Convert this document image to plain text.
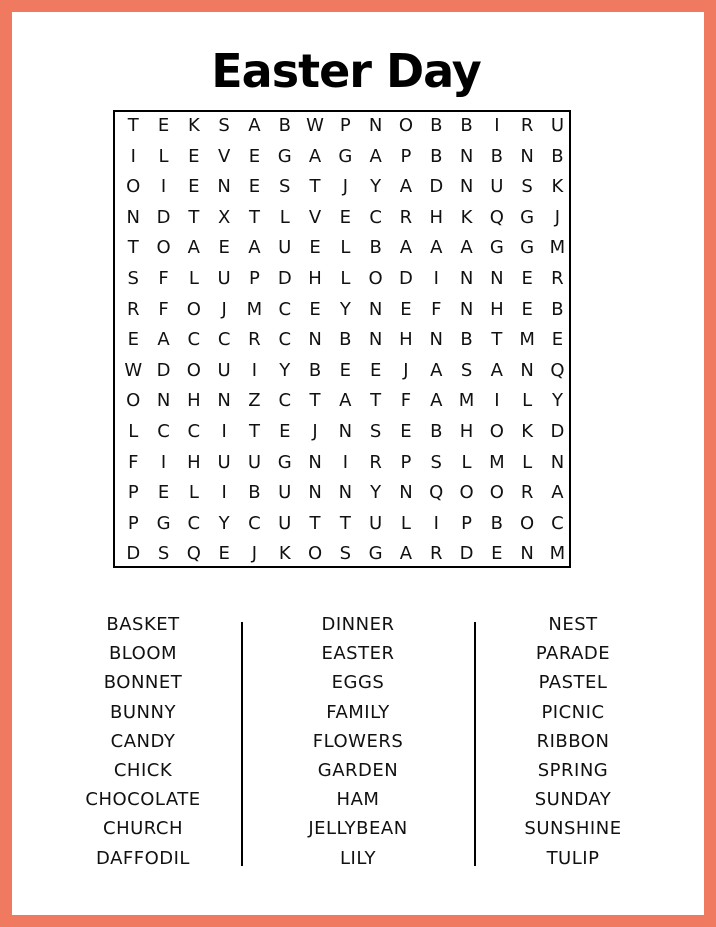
Easter Day
T	E	K	S	A B W P	N O B B	I	R U
I	L	E	V	E G A G A	P	B N B N B
O	I	E N E	S	T	J	Y	A D N U S	K
N D T	X	T	L	V	E	C R H K Q G	J
T O A	E	A U	E	L	B A A A G G M
S	F	L	U	P D H	L	O D	I	N N E	R
R	F	O	J	M C	E	Y	N E	F	N H E	B
E	A C C R C N B N H N B	T M E
W D O U	I	Y	B	E	E	J	A	S	A N Q
O N H N Z C	T	A	T	F	A M	I	L	Y
L	C C	I	T	E	J	N S	E	B H O K D
F	I	H U U G N	I	R	P	S	L M L	N
P	E	L	I	B U N N	Y	N Q O O R A
P G C	Y	C U	T	T	U	L	I	P	B O C
D S Q E	J	K O S G A R D E N M
BASKET
BLOOM
BONNET
BUNNY
CANDY
CHICK
CHOCOLATE
CHURCH
DAFFODIL
DINNER
EASTER
EGGS
FAMILY
FLOWERS
GARDEN
HAM
JELLYBEAN
LILY
NEST
PARADE
PASTEL
PICNIC
RIBBON
SPRING
SUNDAY
SUNSHINE
TULIP
